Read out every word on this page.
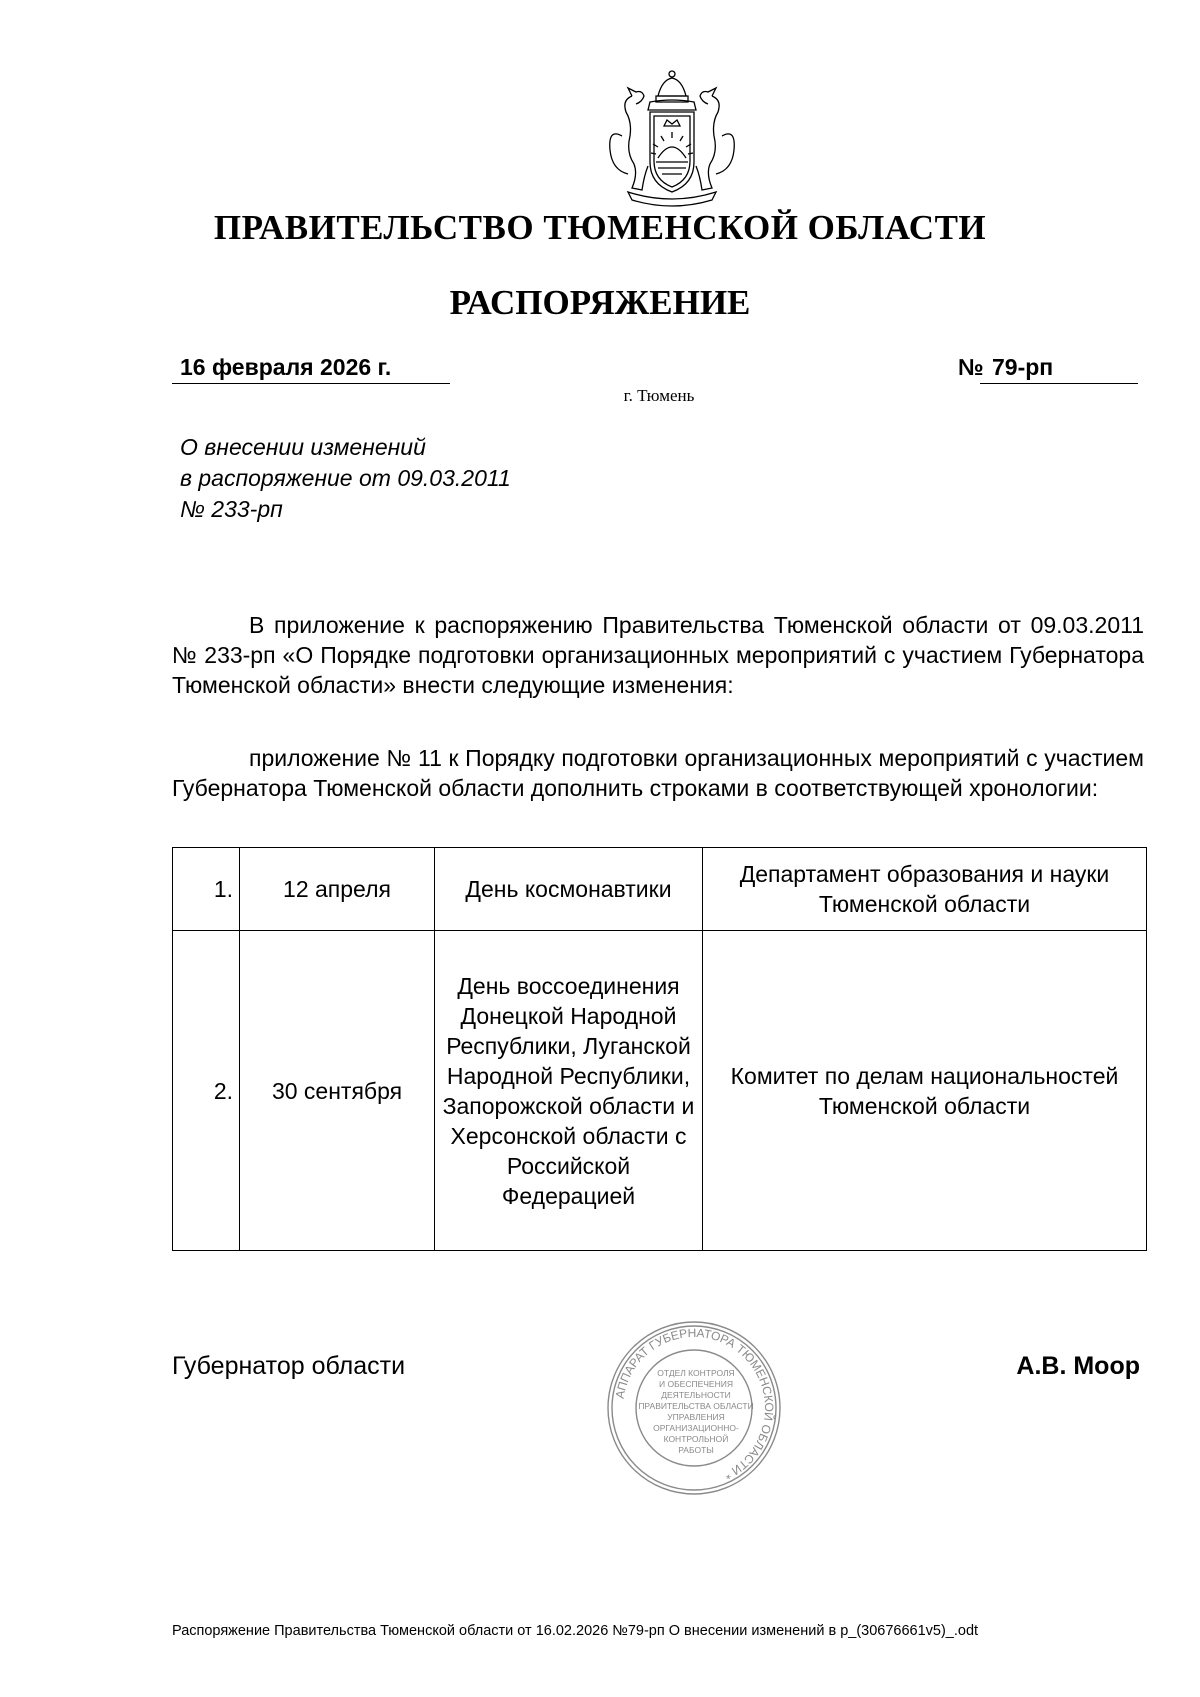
ПРАВИТЕЛЬСТВО ТЮМЕНСКОЙ ОБЛАСТИ
РАСПОРЯЖЕНИЕ
16 февраля 2026 г.	№ 79-рп
г. Тюмень
О внесении изменений
в распоряжение от 09.03.2011
№ 233-рп

В приложение к распоряжению Правительства Тюменской области от 09.03.2011 № 233-рп «О Порядке подготовки организационных мероприятий с участием Губернатора Тюменской области» внести следующие изменения:

приложение № 11 к Порядку подготовки организационных мероприятий с участием Губернатора Тюменской области дополнить строками в соответствующей хронологии:

1.	12 апреля	День космонавтики	Департамент образования и науки Тюменской области
2.	30 сентября	День воссоединения Донецкой Народной Республики, Луганской Народной Республики, Запорожской области и Херсонской области с Российской Федерацией	Комитет по делам национальностей Тюменской области
Губернатор области	ОТДЕЛ КОНТРОЛЯ
И ОБЕСПЕЧЕНИЯ
ДЕЯТЕЛЬНОСТИ
ПРАВИТЕЛЬСТВА ОБЛАСТИ
УПРАВЛЕНИЯ
ОРГАНИЗАЦИОННО-
КОНТРОЛЬНОЙ
РАБОТЫ
АППАРАТ ГУБЕРНАТОРА ТЮМЕНСКОЙ ОБЛАСТИ *
А.В. Моор
Распоряжение Правительства Тюменской области от 16.02.2026 №79-рп О внесении изменений в р_(30676661v5)_.odt
